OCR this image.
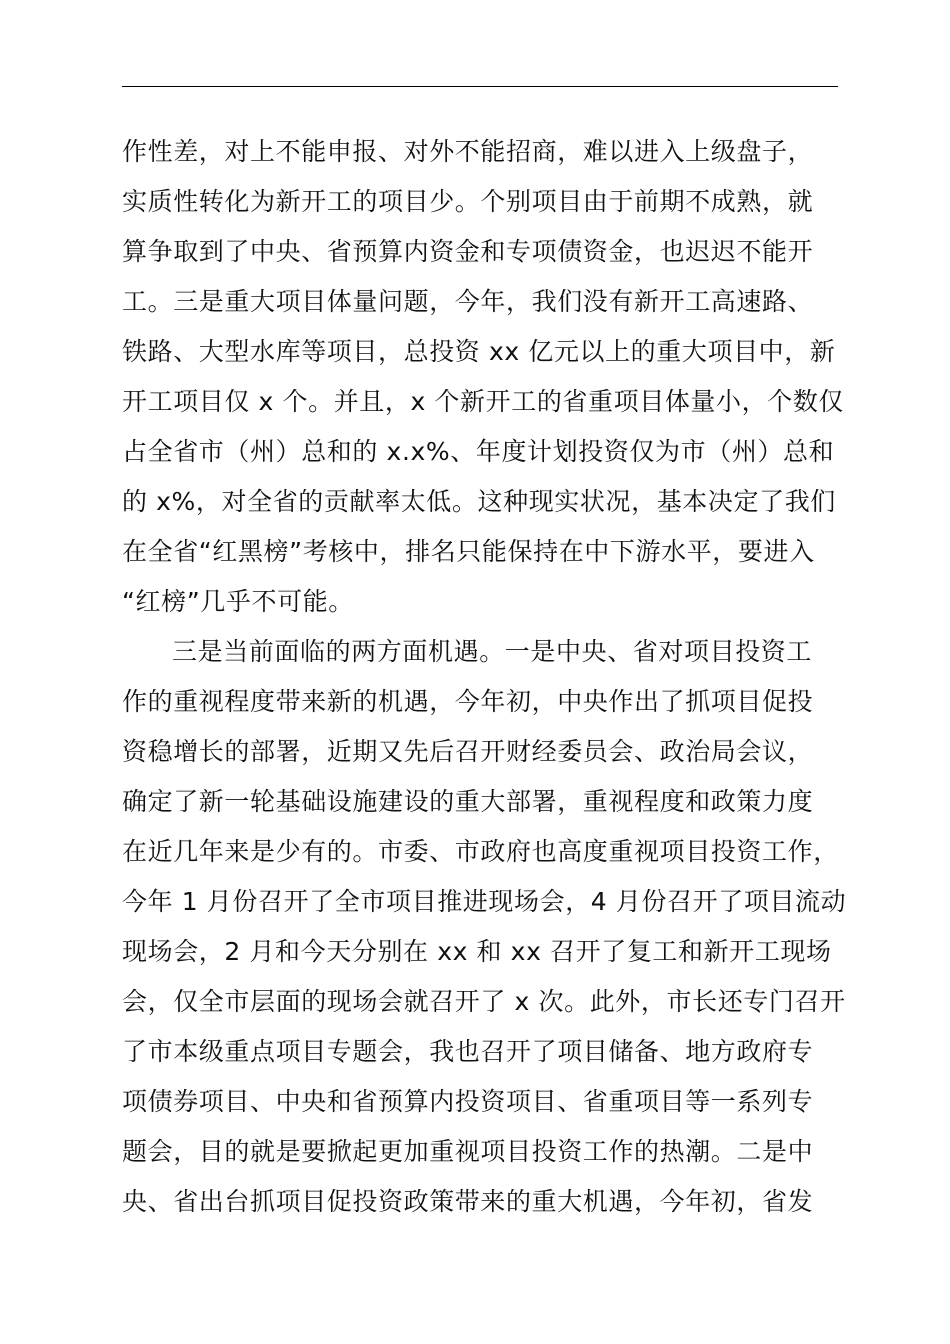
作性差，对上不能申报、对外不能招商，难以进入上级盘子，
实质性转化为新开工的项目少。个别项目由于前期不成熟，就
算争取到了中央、省预算内资金和专项债资金，也迟迟不能开
工。三是重大项目体量问题，今年，我们没有新开工高速路、
铁路、大型水库等项目，总投资 xx 亿元以上的重大项目中，新
开工项目仅 x 个。并且，x 个新开工的省重项目体量小，个数仅
占全省市（州）总和的 x.x%、年度计划投资仅为市（州）总和
的 x%，对全省的贡献率太低。这种现实状况，基本决定了我们
在全省“红黑榜”考核中，排名只能保持在中下游水平，要进入
“红榜”几乎不可能。
三是当前面临的两方面机遇。一是中央、省对项目投资工
作的重视程度带来新的机遇，今年初，中央作出了抓项目促投
资稳增长的部署，近期又先后召开财经委员会、政治局会议，
确定了新一轮基础设施建设的重大部署，重视程度和政策力度
在近几年来是少有的。市委、市政府也高度重视项目投资工作，
今年 1 月份召开了全市项目推进现场会，4 月份召开了项目流动
现场会，2 月和今天分别在 xx 和 xx 召开了复工和新开工现场
会，仅全市层面的现场会就召开了 x 次。此外，市长还专门召开
了市本级重点项目专题会，我也召开了项目储备、地方政府专
项债券项目、中央和省预算内投资项目、省重项目等一系列专
题会，目的就是要掀起更加重视项目投资工作的热潮。二是中
央、省出台抓项目促投资政策带来的重大机遇，今年初，省发
